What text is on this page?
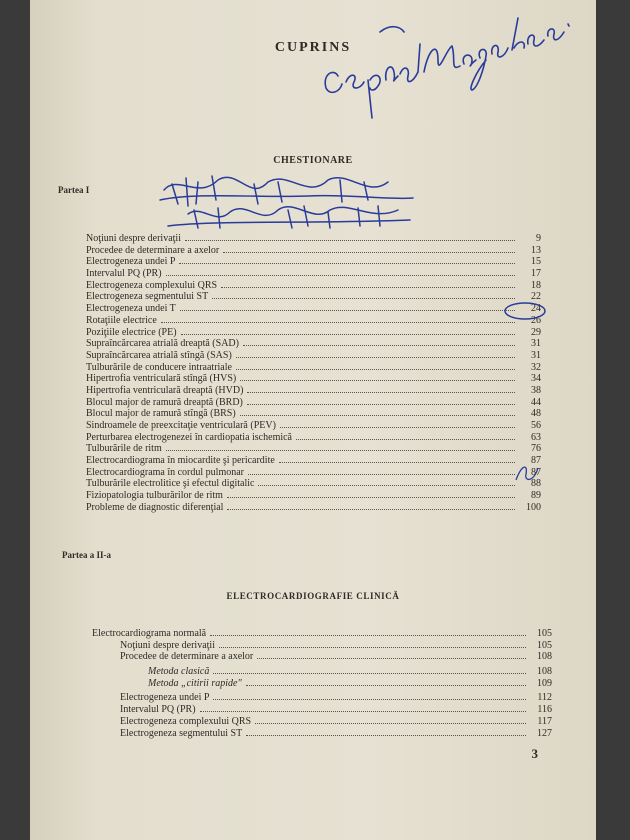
CUPRINS
CHESTIONARE
Partea I
Noţiuni despre derivaţii	9
Procedee de determinare a axelor	13
Electrogeneza undei P	15
Intervalul PQ (PR)	17
Electrogeneza complexului QRS	18
Electrogeneza segmentului ST	22
Electrogeneza undei T	24
Rotaţiile electrice	26
Poziţiile electrice (PE)	29
Supraîncărcarea atrială dreaptă (SAD)	31
Supraîncărcarea atrială stîngă (SAS)	31
Tulburările de conducere intraatriale	32
Hipertrofia ventriculară stîngă (HVS)	34
Hipertrofia ventriculară dreaptă (HVD)	38
Blocul major de ramură dreaptă (BRD)	44
Blocul major de ramură stîngă (BRS)	48
Sindroamele de preexcitaţie ventriculară (PEV)	56
Perturbarea electrogenezei în cardiopatia ischemică	63
Tulburările de ritm	76
Electrocardiograma în miocardite şi pericardite	87
Electrocardiograma în cordul pulmonar	87
Tulburările electrolitice şi efectul digitalic	88
Fiziopatologia tulburărilor de ritm	89
Probleme de diagnostic diferenţial	100
Partea a II-a
ELECTROCARDIOGRAFIE CLINICĂ
Electrocardiograma normală	105
Noţiuni despre derivaţii	105
Procedee de determinare a axelor	108
Metoda clasică	108
Metoda „citirii rapide"	109
Electrogeneza undei P	112
Intervalul PQ (PR)	116
Electrogeneza complexului QRS	117
Electrogeneza segmentului ST	127
3
